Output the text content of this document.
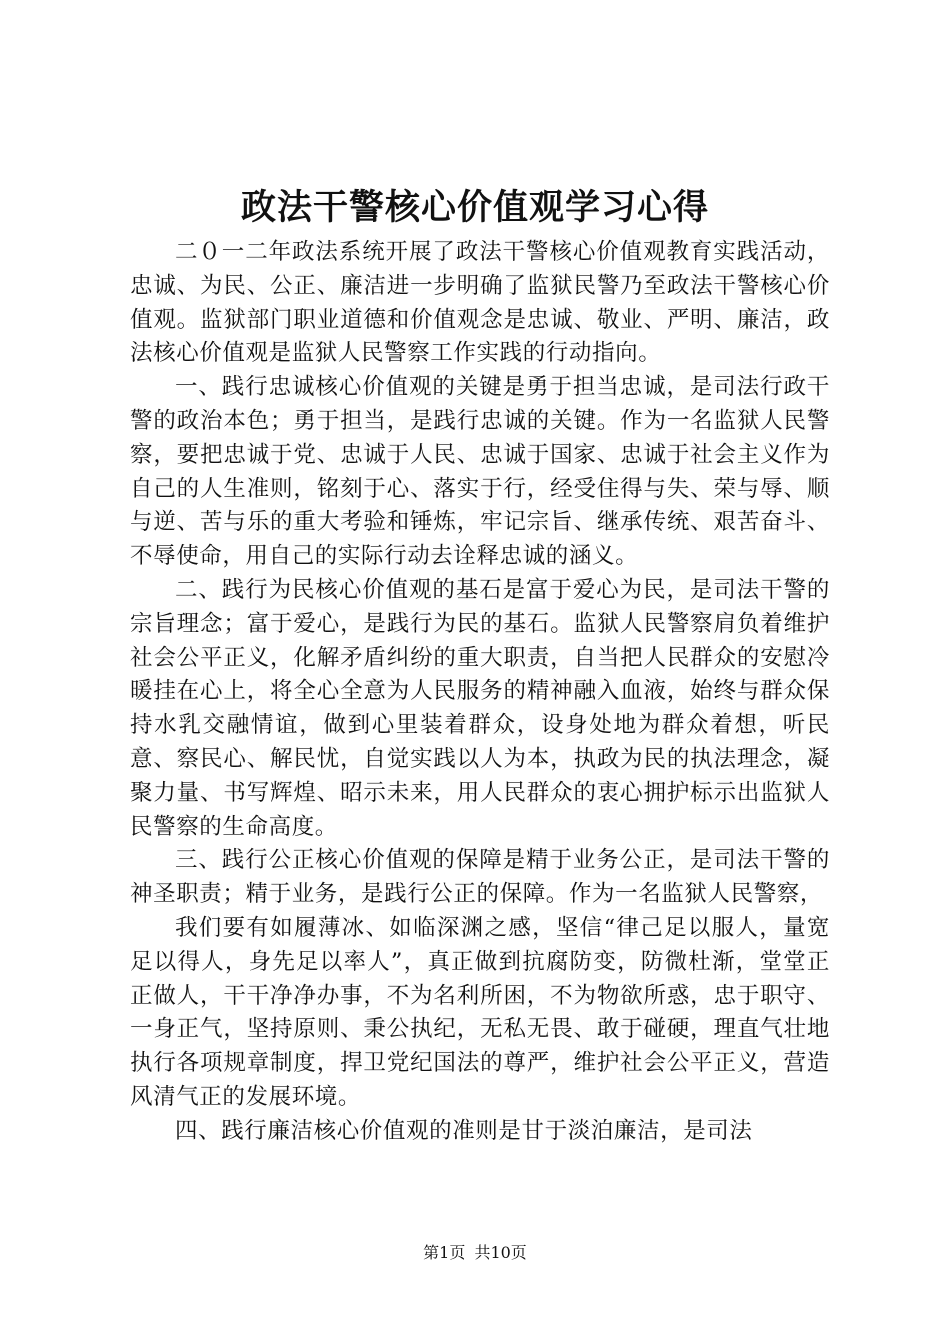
政法干警核心价值观学习心得

二０一二年政法系统开展了政法干警核心价值观教育实践活动，忠诚、为民、公正、廉洁进一步明确了监狱民警乃至政法干警核心价值观。监狱部门职业道德和价值观念是忠诚、敬业、严明、廉洁，政法核心价值观是监狱人民警察工作实践的行动指向。

一、践行忠诚核心价值观的关键是勇于担当忠诚，是司法行政干警的政治本色；勇于担当，是践行忠诚的关键。作为一名监狱人民警察，要把忠诚于党、忠诚于人民、忠诚于国家、忠诚于社会主义作为自己的人生准则，铭刻于心、落实于行，经受住得与失、荣与辱、顺与逆、苦与乐的重大考验和锤炼，牢记宗旨、继承传统、艰苦奋斗、不辱使命，用自己的实际行动去诠释忠诚的涵义。

二、践行为民核心价值观的基石是富于爱心为民，是司法干警的宗旨理念；富于爱心，是践行为民的基石。监狱人民警察肩负着维护社会公平正义，化解矛盾纠纷的重大职责，自当把人民群众的安慰冷暖挂在心上，将全心全意为人民服务的精神融入血液，始终与群众保持水乳交融情谊，做到心里装着群众，设身处地为群众着想，听民意、察民心、解民忧，自觉实践以人为本，执政为民的执法理念，凝聚力量、书写辉煌、昭示未来，用人民群众的衷心拥护标示出监狱人民警察的生命高度。

三、践行公正核心价值观的保障是精于业务公正，是司法干警的神圣职责；精于业务，是践行公正的保障。作为一名监狱人民警察，

我们要有如履薄冰、如临深渊之感，坚信“律己足以服人，量宽足以得人，身先足以率人”，真正做到抗腐防变，防微杜渐，堂堂正正做人，干干净净办事，不为名利所困，不为物欲所惑，忠于职守、一身正气，坚持原则、秉公执纪，无私无畏、敢于碰硬，理直气壮地执行各项规章制度，捍卫党纪国法的尊严，维护社会公平正义，营造风清气正的发展环境。

四、践行廉洁核心价值观的准则是甘于淡泊廉洁，是司法

第1页 共10页
